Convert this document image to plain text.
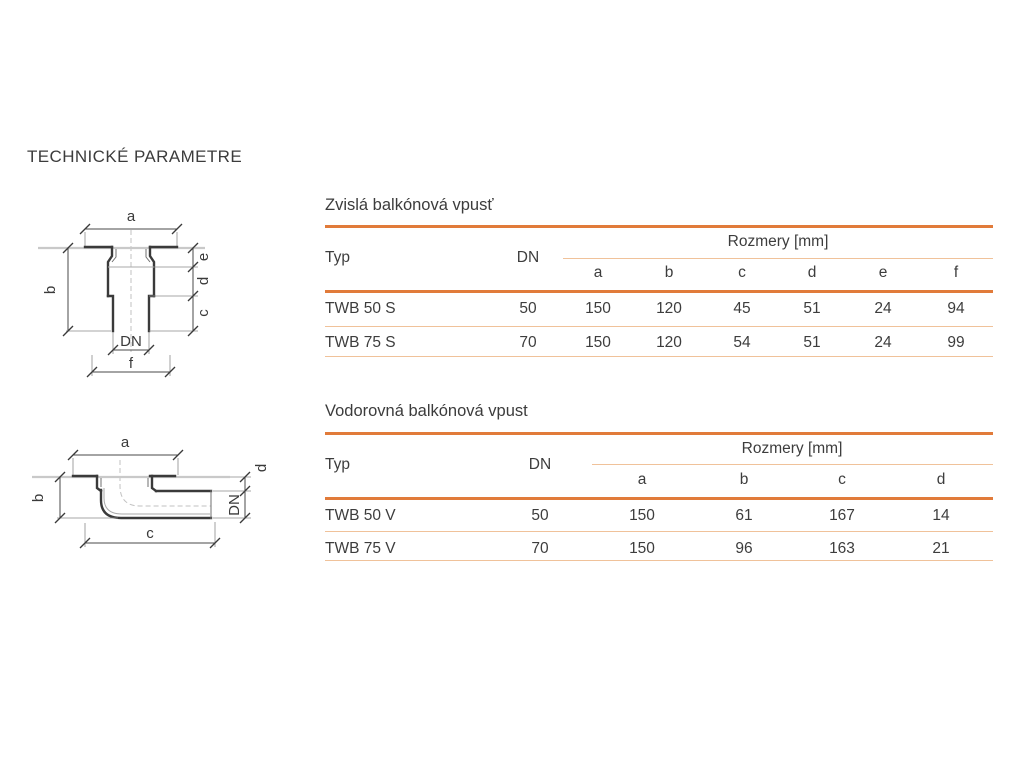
TECHNICKÉ PARAMETRE
a
b
e
d
c
DN
f
a
b
c
d
DN
Zvislá balkónová vpusť
Typ	DN
Rozmery [mm]
a	b	c	d	e	f
TWB 50 S	50	150	120	45	51	24	94
TWB 75 S	70	150	120	54	51	24	99
Vodorovná balkónová vpust
Typ	DN
Rozmery [mm]
a	b	c	d
TWB 50 V	50	150	61	167	14
TWB 75 V	70	150	96	163	21
